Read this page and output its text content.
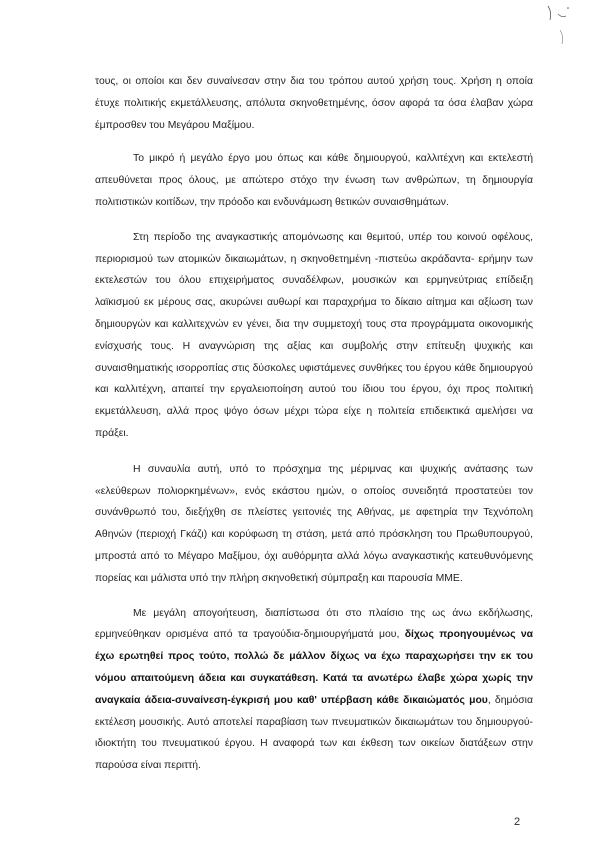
τους, οι οποίοι και δεν συναίνεσαν στην δια του τρόπου αυτού χρήση τους. Χρήση η οποία έτυχε πολιτικής εκμετάλλευσης, απόλυτα σκηνοθετημένης, όσον αφορά τα όσα έλαβαν χώρα έμπροσθεν του Μεγάρου Μαξίμου.

Το μικρό ή μεγάλο έργο μου όπως και κάθε δημιουργού, καλλιτέχνη και εκτελεστή απευθύνεται προς όλους, με απώτερο στόχο την ένωση των ανθρώπων, τη δημιουργία πολιτιστικών κοιτίδων, την πρόοδο και ενδυνάμωση θετικών συναισθημάτων.

Στη περίοδο της αναγκαστικής απομόνωσης και θεμιτού, υπέρ του κοινού οφέλους, περιορισμού των ατομικών δικαιωμάτων, η σκηνοθετημένη -πιστεύω ακράδαντα- ερήμην των εκτελεστών του όλου επιχειρήματος συναδέλφων, μουσικών και ερμηνεύτριας επίδειξη λαϊκισμού εκ μέρους σας, ακυρώνει αυθωρί και παραχρήμα το δίκαιο αίτημα και αξίωση των δημιουργών και καλλιτεχνών εν γένει, δια την συμμετοχή τους στα προγράμματα οικονομικής ενίσχυσής τους. Η αναγνώριση της αξίας και συμβολής στην επίτευξη ψυχικής και συναισθηματικής ισορροπίας στις δύσκολες υφιστάμενες συνθήκες του έργου κάθε δημιουργού και καλλιτέχνη, απαιτεί την εργαλειοποίηση αυτού του ίδιου του έργου, όχι προς πολιτική εκμετάλλευση, αλλά προς ψόγο όσων μέχρι τώρα είχε η πολιτεία επιδεικτικά αμελήσει να πράξει.

Η συναυλία αυτή, υπό το πρόσχημα της μέριμνας και ψυχικής ανάτασης των «ελεύθερων πολιορκημένων», ενός εκάστου ημών, ο οποίος συνειδητά προστατεύει τον συνάνθρωπό του, διεξήχθη σε πλείστες γειτονιές της Αθήνας, με αφετηρία την Τεχνόπολη Αθηνών (περιοχή Γκάζι) και κορύφωση τη στάση, μετά από πρόσκληση του Πρωθυπουργού, μπροστά από το Μέγαρο Μαξίμου, όχι αυθόρμητα αλλά λόγω αναγκαστικής κατευθυνόμενης πορείας και μάλιστα υπό την πλήρη σκηνοθετική σύμπραξη και παρουσία ΜΜΕ.

Με μεγάλη απογοήτευση, διαπίστωσα ότι στο πλαίσιο της ως άνω εκδήλωσης, ερμηνεύθηκαν ορισμένα από τα τραγούδια-δημιουργήματά μου, δίχως προηγουμένως να έχω ερωτηθεί προς τούτο, πολλώ δε μάλλον δίχως να έχω παραχωρήσει την εκ του νόμου απαιτούμενη άδεια και συγκατάθεση. Κατά τα ανωτέρω έλαβε χώρα χωρίς την αναγκαία άδεια-συναίνεση-έγκρισή μου καθ' υπέρβαση κάθε δικαιώματός μου, δημόσια εκτέλεση μουσικής. Αυτό αποτελεί παραβίαση των πνευματικών δικαιωμάτων του δημιουργού-ιδιοκτήτη του πνευματικού έργου. Η αναφορά των και έκθεση των οικείων διατάξεων στην παρούσα είναι περιττή.

2
